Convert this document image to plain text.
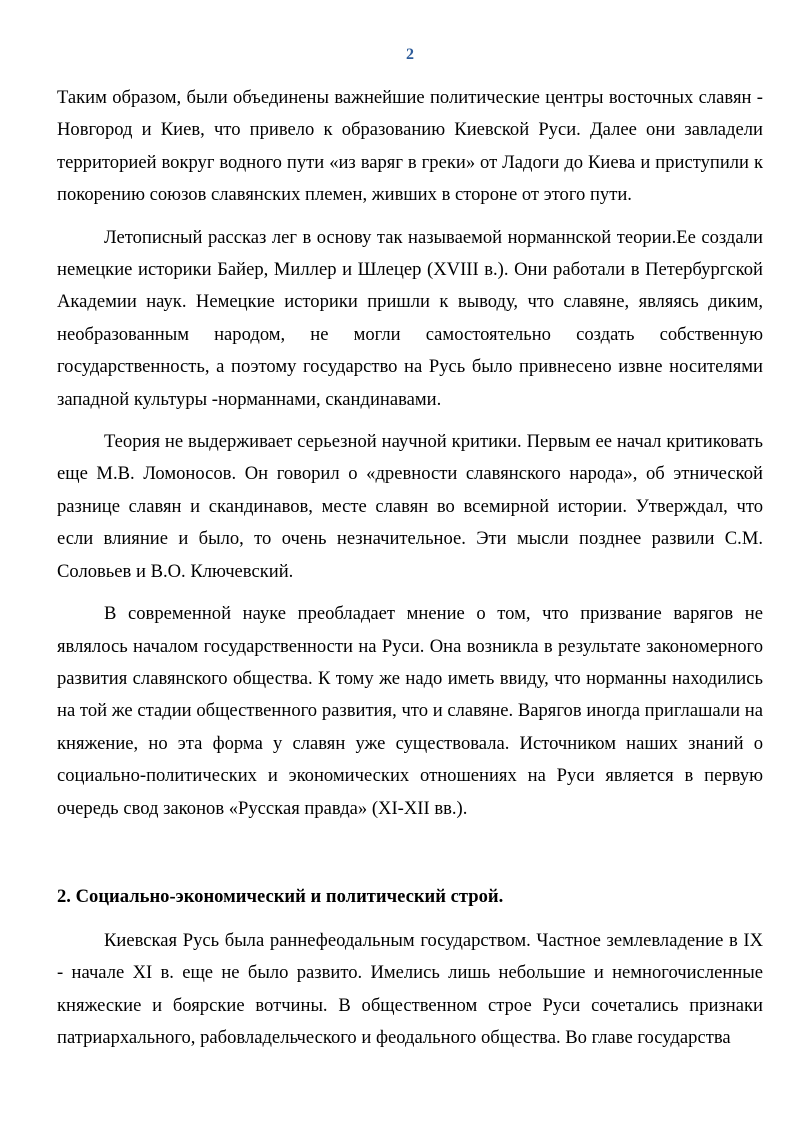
2

Таким образом, были объединены важнейшие политические центры восточных славян - Новгород и Киев, что привело к образованию Киевской Руси. Далее они завладели территорией вокруг водного пути «из варяг в греки» от Ладоги до Киева и приступили к покорению союзов славянских племен, живших в стороне от этого пути.

Летописный рассказ лег в основу так называемой норманнской теории.Ее создали немецкие историки Байер, Миллер и Шлецер (XVIII в.). Они работали в Петербургской Академии наук. Немецкие историки пришли к выводу, что славяне, являясь диким, необразованным народом, не могли самостоятельно создать собственную государственность, а поэтому государство на Русь было привнесено извне носителями западной культуры -норманнами, скандинавами.

Теория не выдерживает серьезной научной критики. Первым ее начал критиковать еще М.В. Ломоносов. Он говорил о «древности славянского народа», об этнической разнице славян и скандинавов, месте славян во всемирной истории. Утверждал, что если влияние и было, то очень незначительное. Эти мысли позднее развили С.М. Соловьев и В.О. Ключевский.

В современной науке преобладает мнение о том, что призвание варягов не являлось началом государственности на Руси. Она возникла в результате закономерного развития славянского общества. К тому же надо иметь ввиду, что норманны находились на той же стадии общественного развития, что и славяне. Варягов иногда приглашали на княжение, но эта форма у славян уже существовала. Источником наших знаний о социально-политических и экономических отношениях на Руси является в первую очередь свод законов «Русская правда» (XI-XII вв.).

2. Социально-экономический и политический строй.

Киевская Русь была раннефеодальным государством. Частное землевладение в IX - начале XI в. еще не было развито. Имелись лишь небольшие и немногочисленные княжеские и боярские вотчины. В общественном строе Руси сочетались признаки патриархального, рабовладельческого и феодального общества. Во главе государства
